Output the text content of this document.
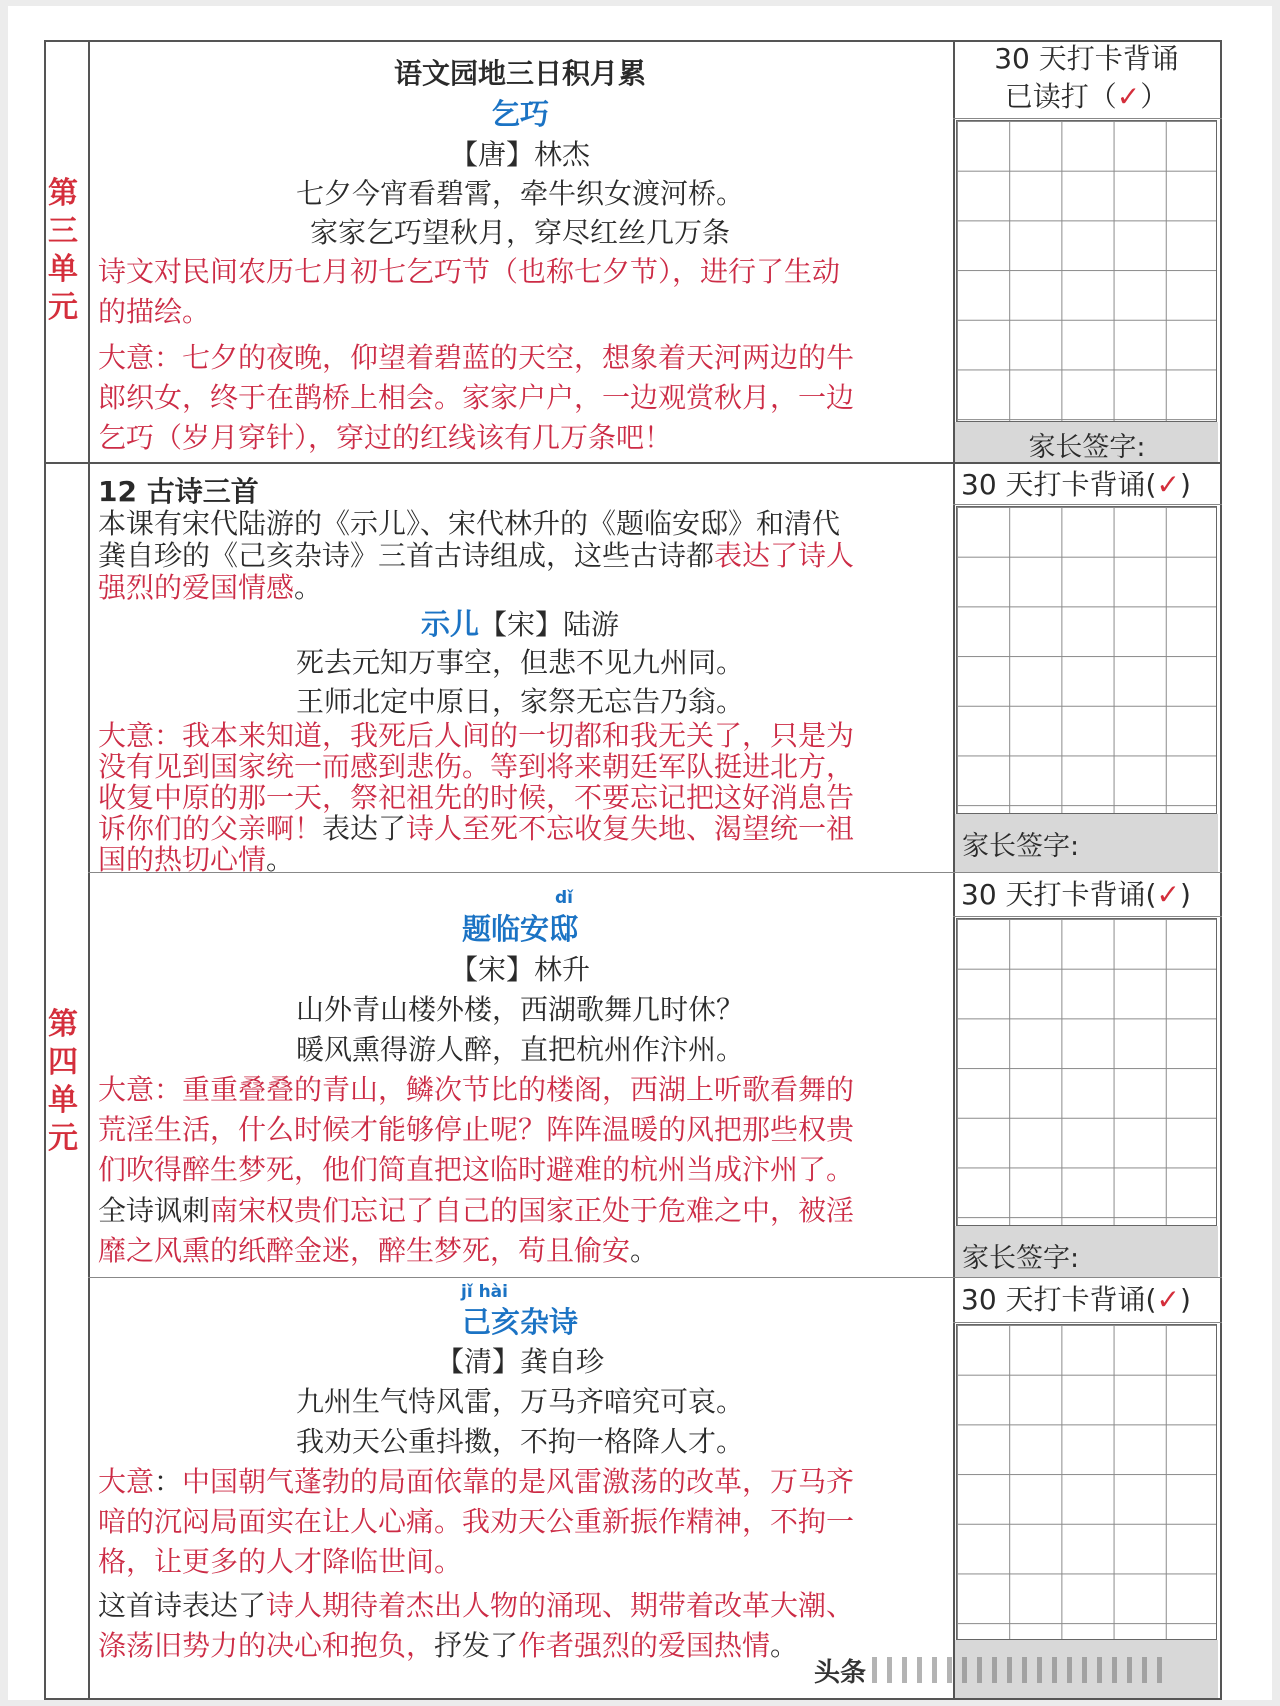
第
三
单
元
第
四
单
元
语文园地三日积月累
乞巧
【唐】林杰
七夕今宵看碧霄，牵牛织女渡河桥。
家家乞巧望秋月，穿尽红丝几万条
诗文对民间农历七月初七乞巧节（也称七夕节），进行了生动
的描绘。
大意：七夕的夜晚，仰望着碧蓝的天空，想象着天河两边的牛
郎织女，终于在鹊桥上相会。家家户户，一边观赏秋月，一边
乞巧（岁月穿针），穿过的红线该有几万条吧！
30 天打卡背诵
已读打（✓）
家长签字:
12 古诗三首
本课有宋代陆游的《示儿》、宋代林升的《题临安邸》和清代
龚自珍的《己亥杂诗》三首古诗组成，这些古诗都表达了诗人
强烈的爱国情感。
示儿【宋】陆游
死去元知万事空，但悲不见九州同。
王师北定中原日，家祭无忘告乃翁。
大意：我本来知道，我死后人间的一切都和我无关了，只是为
没有见到国家统一而感到悲伤。等到将来朝廷军队挺进北方，
收复中原的那一天，祭祀祖先的时候，不要忘记把这好消息告
诉你们的父亲啊！表达了诗人至死不忘收复失地、渴望统一祖
国的热切心情。
dǐ
题临安邸
【宋】林升
山外青山楼外楼，西湖歌舞几时休？
暖风熏得游人醉，直把杭州作汴州。
大意：重重叠叠的青山，鳞次节比的楼阁，西湖上听歌看舞的
荒淫生活，什么时候才能够停止呢？阵阵温暖的风把那些权贵
们吹得醉生梦死，他们简直把这临时避难的杭州当成汴州了。
全诗讽刺南宋权贵们忘记了自己的国家正处于危难之中，被淫
靡之风熏的纸醉金迷，醉生梦死，苟且偷安。
jǐ hài
己亥杂诗
【清】龚自珍
九州生气恃风雷，万马齐喑究可哀。
我劝天公重抖擞，不拘一格降人才。
大意：中国朝气蓬勃的局面依靠的是风雷激荡的改革，万马齐
喑的沉闷局面实在让人心痛。我劝天公重新振作精神，不拘一
格，让更多的人才降临世间。
这首诗表达了诗人期待着杰出人物的涌现、期带着改革大潮、
涤荡旧势力的决心和抱负，抒发了作者强烈的爱国热情。
30 天打卡背诵(✓)
家长签字:
30 天打卡背诵(✓)
家长签字:
30 天打卡背诵(✓)
头条
